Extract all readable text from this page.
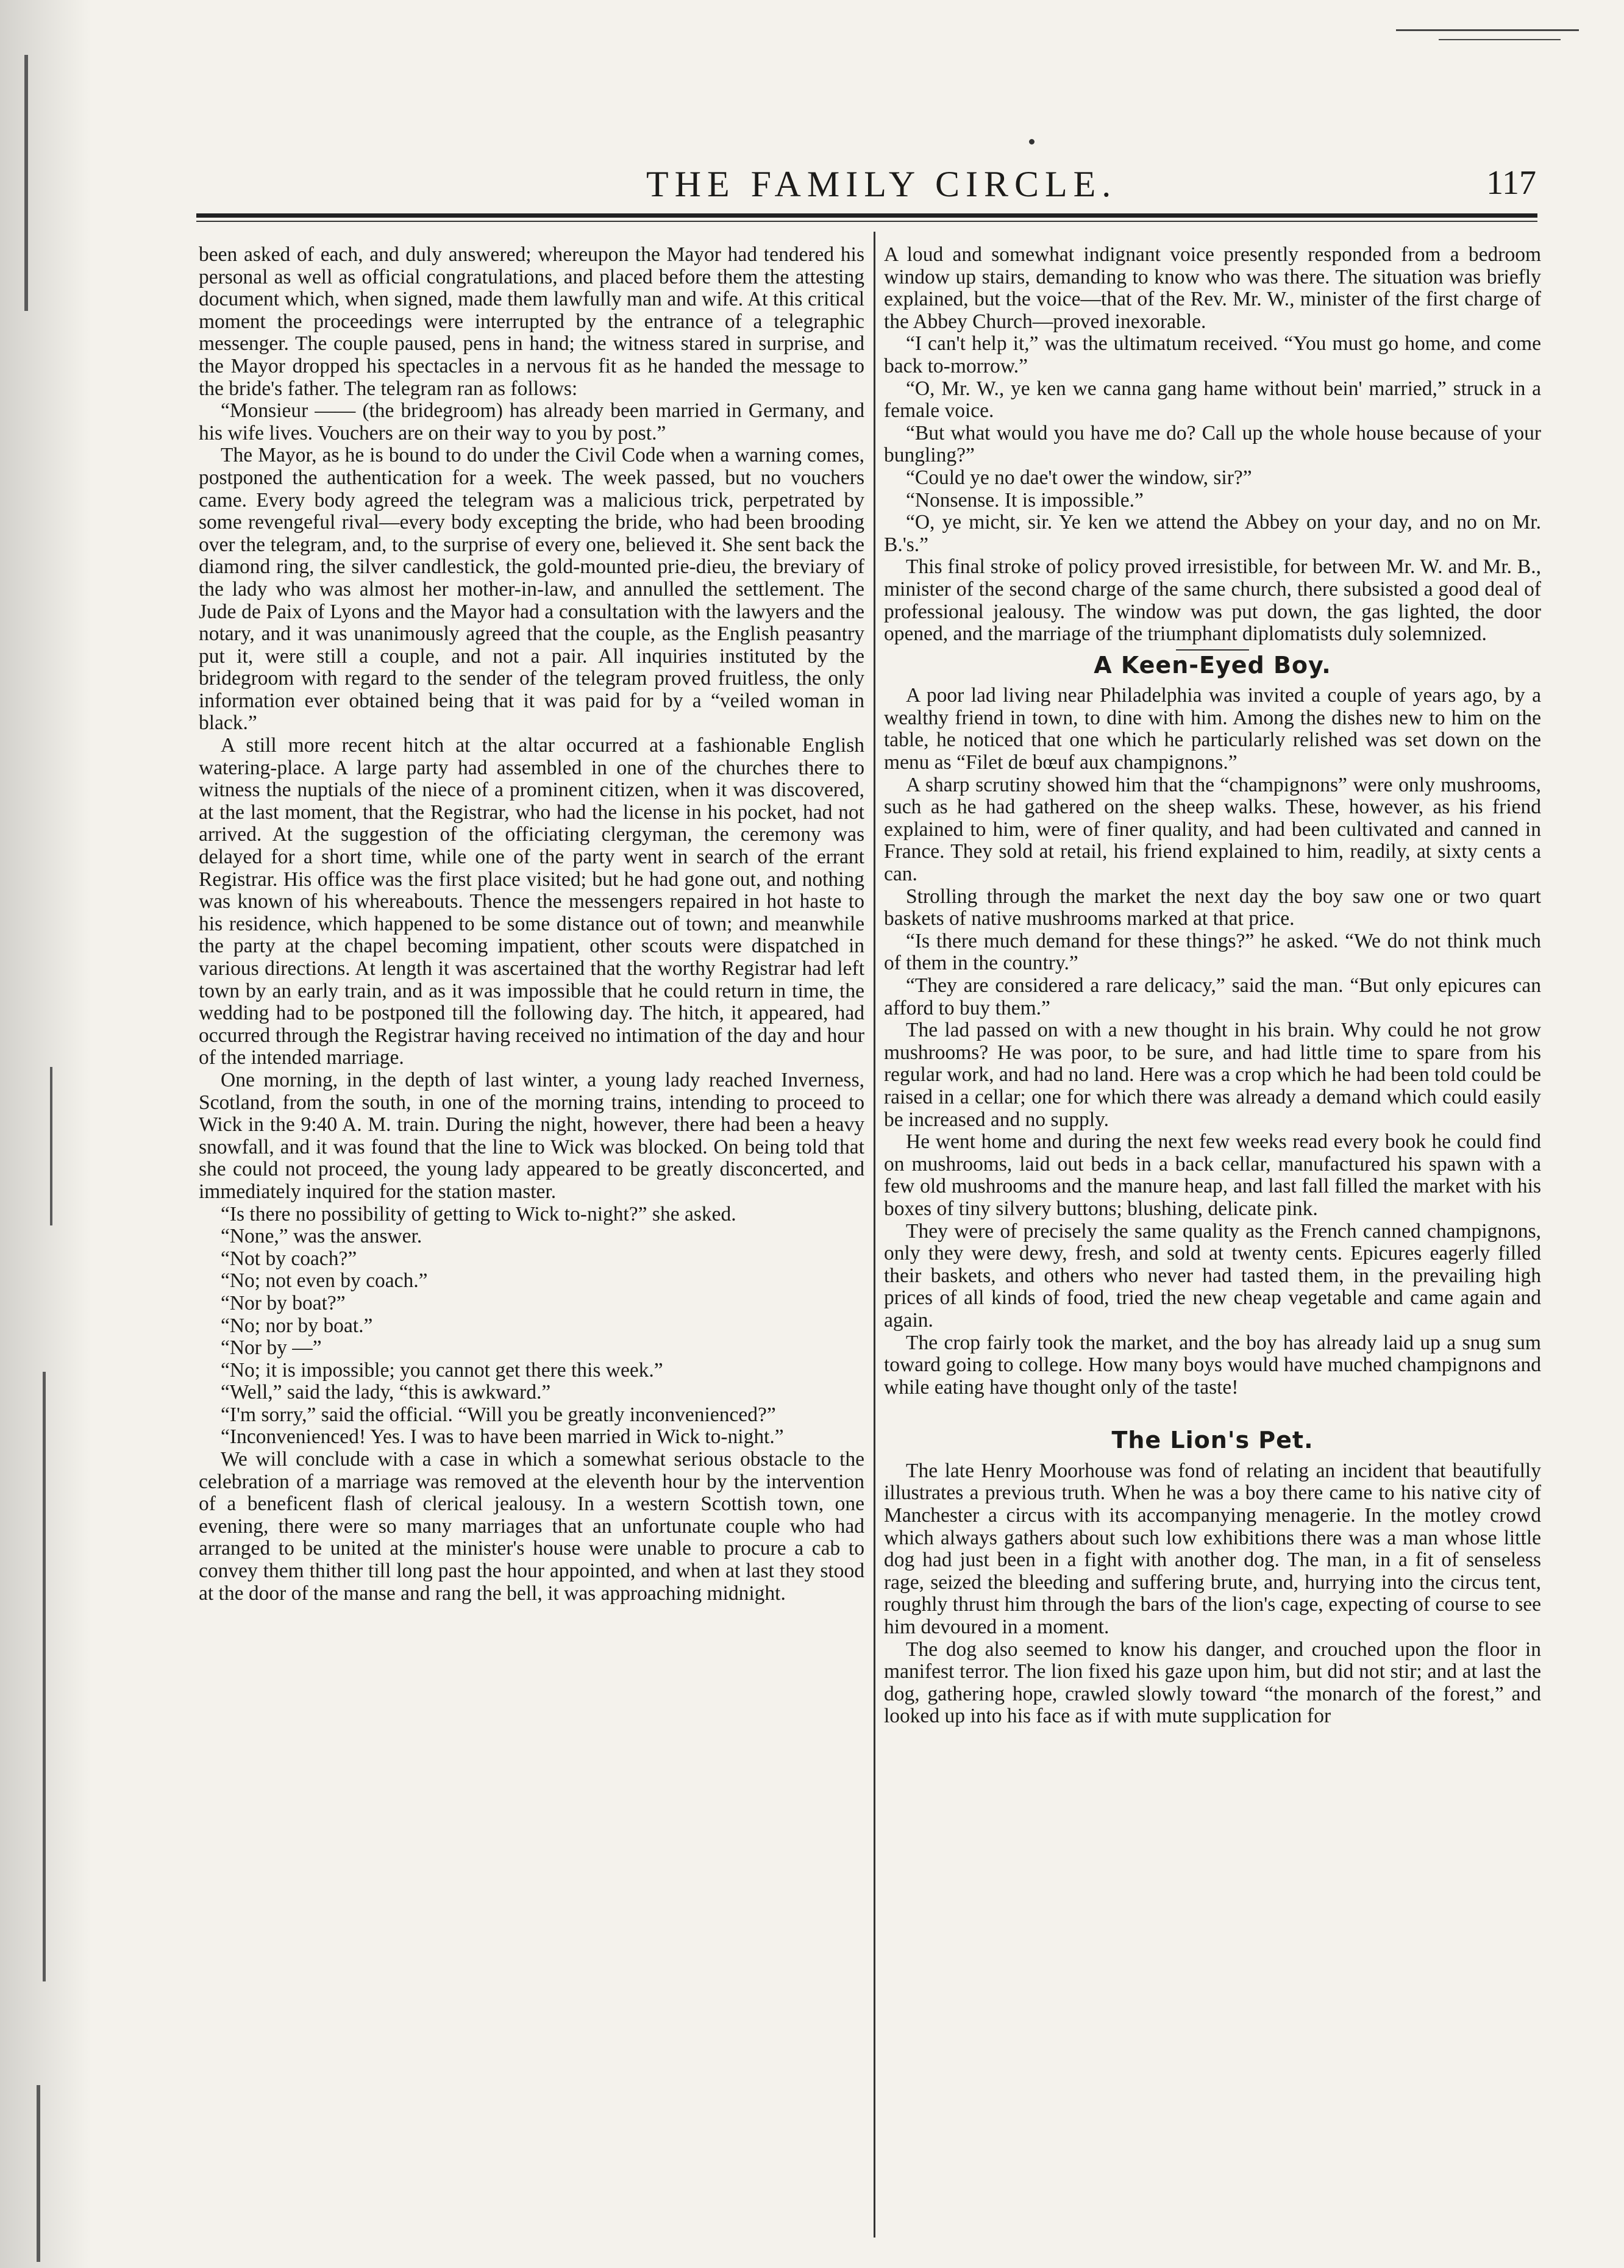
THE FAMILY CIRCLE.	117

been asked of each, and duly answered; whereupon the Mayor had tendered his personal as well as official congratulations, and placed before them the attesting document which, when signed, made them lawfully man and wife. At this critical moment the proceedings were interrupted by the entrance of a telegraphic messenger. The couple paused, pens in hand; the witness stared in surprise, and the Mayor dropped his spectacles in a nervous fit as he handed the message to the bride's father. The telegram ran as follows:

“Monsieur —— (the bridegroom) has already been married in Germany, and his wife lives. Vouchers are on their way to you by post.”

The Mayor, as he is bound to do under the Civil Code when a warning comes, postponed the authentication for a week. The week passed, but no vouchers came. Every body agreed the telegram was a malicious trick, perpetrated by some revengeful rival—every body excepting the bride, who had been brooding over the telegram, and, to the surprise of every one, believed it. She sent back the diamond ring, the silver candlestick, the gold-mounted prie-dieu, the breviary of the lady who was almost her mother-in-law, and annulled the settlement. The Jude de Paix of Lyons and the Mayor had a consultation with the lawyers and the notary, and it was unanimously agreed that the couple, as the English peasantry put it, were still a couple, and not a pair. All inquiries instituted by the bridegroom with regard to the sender of the telegram proved fruitless, the only information ever obtained being that it was paid for by a “veiled woman in black.”

A still more recent hitch at the altar occurred at a fashionable English watering-place. A large party had assembled in one of the churches there to witness the nuptials of the niece of a prominent citizen, when it was discovered, at the last moment, that the Registrar, who had the license in his pocket, had not arrived. At the suggestion of the officiating clergyman, the ceremony was delayed for a short time, while one of the party went in search of the errant Registrar. His office was the first place visited; but he had gone out, and nothing was known of his whereabouts. Thence the messengers repaired in hot haste to his residence, which happened to be some distance out of town; and meanwhile the party at the chapel becoming impatient, other scouts were dispatched in various directions. At length it was ascertained that the worthy Registrar had left town by an early train, and as it was impossible that he could return in time, the wedding had to be postponed till the following day. The hitch, it appeared, had occurred through the Registrar having received no intimation of the day and hour of the intended marriage.

One morning, in the depth of last winter, a young lady reached Inverness, Scotland, from the south, in one of the morning trains, intending to proceed to Wick in the 9:40 A. M. train. During the night, however, there had been a heavy snowfall, and it was found that the line to Wick was blocked. On being told that she could not proceed, the young lady appeared to be greatly disconcerted, and immediately inquired for the station master.

“Is there no possibility of getting to Wick to-night?” she asked.

“None,” was the answer.

“Not by coach?”

“No; not even by coach.”

“Nor by boat?”

“No; nor by boat.”

“Nor by —”

“No; it is impossible; you cannot get there this week.”

“Well,” said the lady, “this is awkward.”

“I'm sorry,” said the official. “Will you be greatly inconvenienced?”

“Inconvenienced! Yes. I was to have been married in Wick to-night.”

We will conclude with a case in which a somewhat serious obstacle to the celebration of a marriage was removed at the eleventh hour by the intervention of a beneficent flash of clerical jealousy. In a western Scottish town, one evening, there were so many marriages that an unfortunate couple who had arranged to be united at the minister's house were unable to procure a cab to convey them thither till long past the hour appointed, and when at last they stood at the door of the manse and rang the bell, it was approaching midnight.

A loud and somewhat indignant voice presently responded from a bedroom window up stairs, demanding to know who was there. The situation was briefly explained, but the voice—that of the Rev. Mr. W., minister of the first charge of the Abbey Church—proved inexorable.

“I can't help it,” was the ultimatum received. “You must go home, and come back to-morrow.”

“O, Mr. W., ye ken we canna gang hame without bein' married,” struck in a female voice.

“But what would you have me do? Call up the whole house because of your bungling?”

“Could ye no dae't ower the window, sir?”

“Nonsense. It is impossible.”

“O, ye micht, sir. Ye ken we attend the Abbey on your day, and no on Mr. B.'s.”

This final stroke of policy proved irresistible, for between Mr. W. and Mr. B., minister of the second charge of the same church, there subsisted a good deal of professional jealousy. The window was put down, the gas lighted, the door opened, and the marriage of the triumphant diplomatists duly solemnized.

A Keen-Eyed Boy.

A poor lad living near Philadelphia was invited a couple of years ago, by a wealthy friend in town, to dine with him. Among the dishes new to him on the table, he noticed that one which he particularly relished was set down on the menu as “Filet de bœuf aux champignons.”

A sharp scrutiny showed him that the “champignons” were only mushrooms, such as he had gathered on the sheep walks. These, however, as his friend explained to him, were of finer quality, and had been cultivated and canned in France. They sold at retail, his friend explained to him, readily, at sixty cents a can.

Strolling through the market the next day the boy saw one or two quart baskets of native mushrooms marked at that price.

“Is there much demand for these things?” he asked. “We do not think much of them in the country.”

“They are considered a rare delicacy,” said the man. “But only epicures can afford to buy them.”

The lad passed on with a new thought in his brain. Why could he not grow mushrooms? He was poor, to be sure, and had little time to spare from his regular work, and had no land. Here was a crop which he had been told could be raised in a cellar; one for which there was already a demand which could easily be increased and no supply.

He went home and during the next few weeks read every book he could find on mushrooms, laid out beds in a back cellar, manufactured his spawn with a few old mushrooms and the manure heap, and last fall filled the market with his boxes of tiny silvery buttons; blushing, delicate pink.

They were of precisely the same quality as the French canned champignons, only they were dewy, fresh, and sold at twenty cents. Epicures eagerly filled their baskets, and others who never had tasted them, in the prevailing high prices of all kinds of food, tried the new cheap vegetable and came again and again.

The crop fairly took the market, and the boy has already laid up a snug sum toward going to college. How many boys would have muched champignons and while eating have thought only of the taste!

The Lion's Pet.

The late Henry Moorhouse was fond of relating an incident that beautifully illustrates a previous truth. When he was a boy there came to his native city of Manchester a circus with its accompanying menagerie. In the motley crowd which always gathers about such low exhibitions there was a man whose little dog had just been in a fight with another dog. The man, in a fit of senseless rage, seized the bleeding and suffering brute, and, hurrying into the circus tent, roughly thrust him through the bars of the lion's cage, expecting of course to see him devoured in a moment.

The dog also seemed to know his danger, and crouched upon the floor in manifest terror. The lion fixed his gaze upon him, but did not stir; and at last the dog, gathering hope, crawled slowly toward “the monarch of the forest,” and looked up into his face as if with mute supplication for
